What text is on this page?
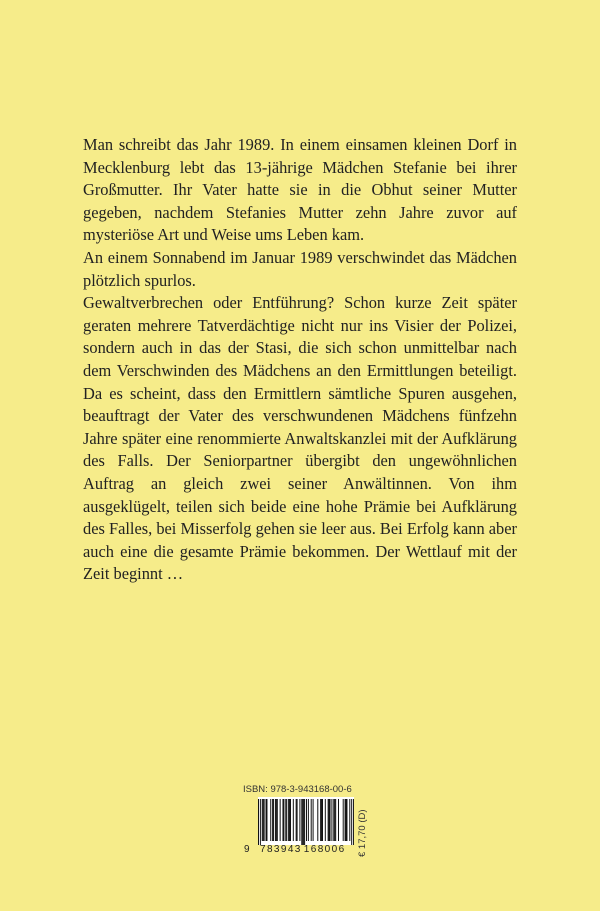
Man schreibt das Jahr 1989. In einem einsamen kleinen Dorf in Mecklenburg lebt das 13-jährige Mädchen Stefanie bei ihrer Großmutter. Ihr Vater hatte sie in die Obhut seiner Mutter gegeben, nachdem Stefanies Mutter zehn Jahre zuvor auf mysteriöse Art und Weise ums Leben kam.

An einem Sonnabend im Januar 1989 verschwindet das Mädchen plötzlich spurlos.

Gewaltverbrechen oder Entführung? Schon kurze Zeit später geraten mehrere Tatverdächtige nicht nur ins Visier der Polizei, sondern auch in das der Stasi, die sich schon unmittelbar nach dem Verschwinden des Mädchens an den Ermittlungen beteiligt. Da es scheint, dass den Ermittlern sämtliche Spuren ausgehen, beauftragt der Vater des verschwundenen Mädchens fünfzehn Jahre später eine renommierte Anwaltskanzlei mit der Aufklärung des Falls. Der Seniorpartner übergibt den ungewöhnlichen Auftrag an gleich zwei seiner Anwältinnen. Von ihm ausgeklügelt, teilen sich beide eine hohe Prämie bei Aufklärung des Falles, bei Misserfolg gehen sie leer aus. Bei Erfolg kann aber auch eine die gesamte Prämie bekommen. Der Wettlauf mit der Zeit beginnt …

ISBN: 978-3-943168-00-6
9	783943 168006 € 17,70 (D)
